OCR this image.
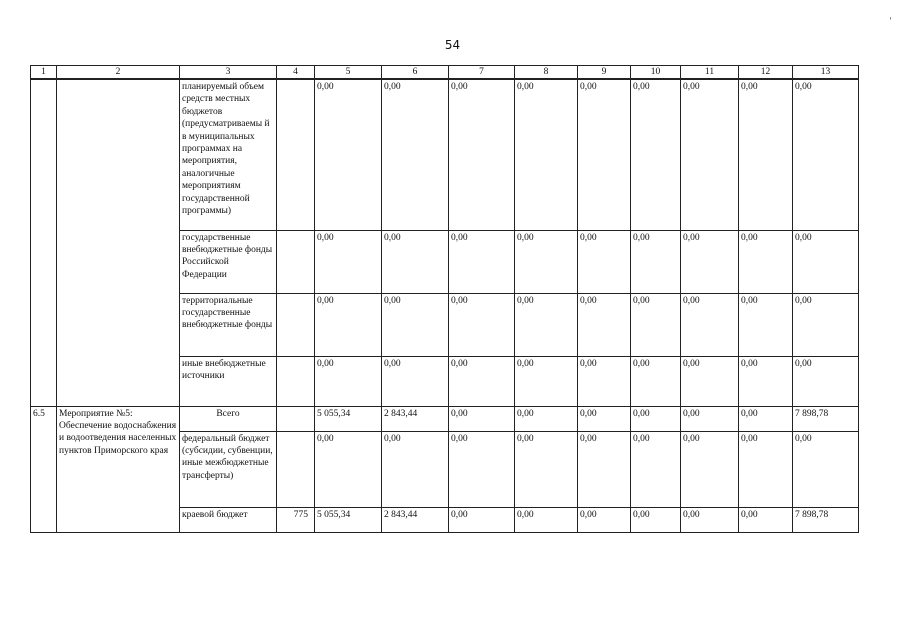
54
'
1	2	3	4	5	6	7	8	9	10	11	12	13
		планируемый объем средств местных бюджетов (предусматриваемы й в муниципальных программах на мероприятия, аналогичные мероприятиям государственной программы)		0,00	0,00	0,00	0,00	0,00	0,00	0,00	0,00	0,00
		государственные внебюджетные фонды Российской Федерации		0,00	0,00	0,00	0,00	0,00	0,00	0,00	0,00	0,00
		территориальные государственные внебюджетные фонды		0,00	0,00	0,00	0,00	0,00	0,00	0,00	0,00	0,00
		иные внебюджетные источники		0,00	0,00	0,00	0,00	0,00	0,00	0,00	0,00	0,00
6.5	Мероприятие №5: Обеспечение водоснабжения и водоотведения населенных пунктов Приморского края	Всего		5 055,34	2 843,44	0,00	0,00	0,00	0,00	0,00	0,00	7 898,78
		федеральный бюджет (субсидии, субвенции, иные межбюджетные трансферты)		0,00	0,00	0,00	0,00	0,00	0,00	0,00	0,00	0,00
		краевой бюджет	775	5 055,34	2 843,44	0,00	0,00	0,00	0,00	0,00	0,00	7 898,78
